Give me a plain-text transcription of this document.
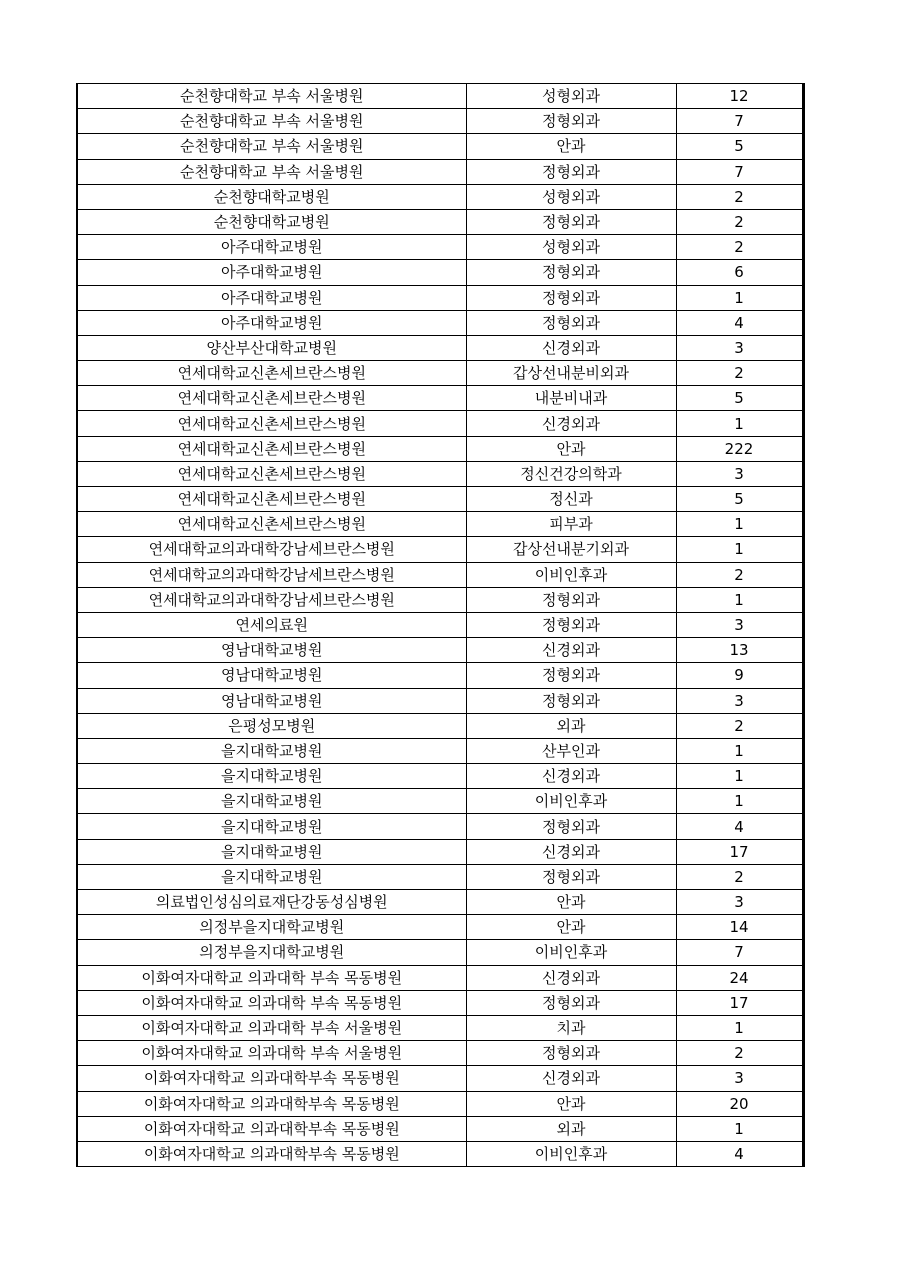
순천향대학교 부속 서울병원	성형외과	12
순천향대학교 부속 서울병원	정형외과	7
순천향대학교 부속 서울병원	안과	5
순천향대학교 부속 서울병원	정형외과	7
순천향대학교병원	성형외과	2
순천향대학교병원	정형외과	2
아주대학교병원	성형외과	2
아주대학교병원	정형외과	6
아주대학교병원	정형외과	1
아주대학교병원	정형외과	4
양산부산대학교병원	신경외과	3
연세대학교신촌세브란스병원	갑상선내분비외과	2
연세대학교신촌세브란스병원	내분비내과	5
연세대학교신촌세브란스병원	신경외과	1
연세대학교신촌세브란스병원	안과	222
연세대학교신촌세브란스병원	정신건강의학과	3
연세대학교신촌세브란스병원	정신과	5
연세대학교신촌세브란스병원	피부과	1
연세대학교의과대학강남세브란스병원	갑상선내분기외과	1
연세대학교의과대학강남세브란스병원	이비인후과	2
연세대학교의과대학강남세브란스병원	정형외과	1
연세의료원	정형외과	3
영남대학교병원	신경외과	13
영남대학교병원	정형외과	9
영남대학교병원	정형외과	3
은평성모병원	외과	2
을지대학교병원	산부인과	1
을지대학교병원	신경외과	1
을지대학교병원	이비인후과	1
을지대학교병원	정형외과	4
을지대학교병원	신경외과	17
을지대학교병원	정형외과	2
의료법인성심의료재단강동성심병원	안과	3
의정부을지대학교병원	안과	14
의정부을지대학교병원	이비인후과	7
이화여자대학교 의과대학 부속 목동병원	신경외과	24
이화여자대학교 의과대학 부속 목동병원	정형외과	17
이화여자대학교 의과대학 부속 서울병원	치과	1
이화여자대학교 의과대학 부속 서울병원	정형외과	2
이화여자대학교 의과대학부속 목동병원	신경외과	3
이화여자대학교 의과대학부속 목동병원	안과	20
이화여자대학교 의과대학부속 목동병원	외과	1
이화여자대학교 의과대학부속 목동병원	이비인후과	4
